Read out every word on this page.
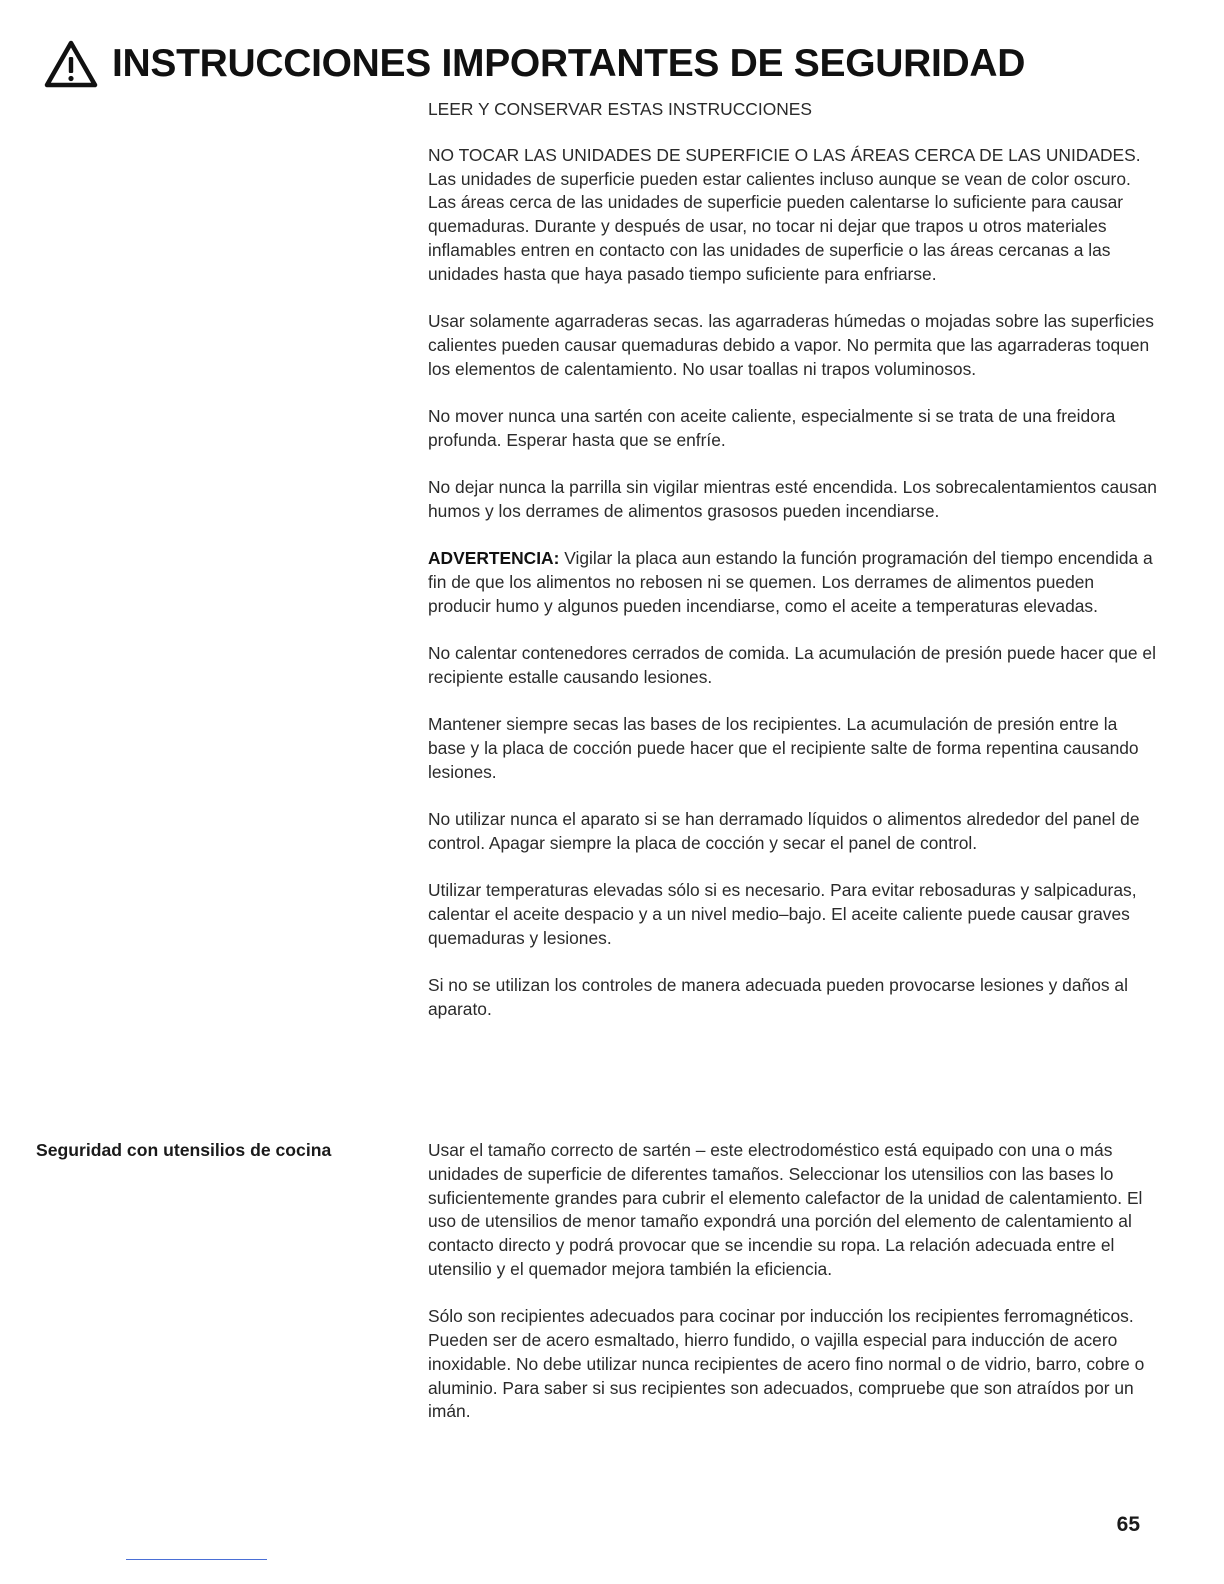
INSTRUCCIONES IMPORTANTES DE SEGURIDAD

LEER Y CONSERVAR ESTAS INSTRUCCIONES

NO TOCAR LAS UNIDADES DE SUPERFICIE O LAS ÁREAS CERCA DE LAS UNIDADES. Las unidades de superficie pueden estar calientes incluso aunque se vean de color oscuro. Las áreas cerca de las unidades de superficie pueden calentarse lo suficiente para causar quemaduras. Durante y después de usar, no tocar ni dejar que trapos u otros materiales inflamables entren en contacto con las unidades de superficie o las áreas cercanas a las unidades hasta que haya pasado tiempo suficiente para enfriarse.

Usar solamente agarraderas secas. las agarraderas húmedas o mojadas sobre las superficies calientes pueden causar quemaduras debido a vapor. No permita que las agarraderas toquen los elementos de calentamiento. No usar toallas ni trapos voluminosos.

No mover nunca una sartén con aceite caliente, especialmente si se trata de una freidora profunda. Esperar hasta que se enfríe.

No dejar nunca la parrilla sin vigilar mientras esté encendida. Los sobrecalentamientos causan humos y los derrames de alimentos grasosos pueden incendiarse.

ADVERTENCIA: Vigilar la placa aun estando la función programación del tiempo encendida a fin de que los alimentos no rebosen ni se quemen. Los derrames de alimentos pueden producir humo y algunos pueden incendiarse, como el aceite a temperaturas elevadas.

No calentar contenedores cerrados de comida. La acumulación de presión puede hacer que el recipiente estalle causando lesiones.

Mantener siempre secas las bases de los recipientes. La acumulación de presión entre la base y la placa de cocción puede hacer que el recipiente salte de forma repentina causando lesiones.

No utilizar nunca el aparato si se han derramado líquidos o alimentos alrededor del panel de control. Apagar siempre la placa de cocción y secar el panel de control.

Utilizar temperaturas elevadas sólo si es necesario. Para evitar rebosaduras y salpicaduras, calentar el aceite despacio y a un nivel medio–bajo. El aceite caliente puede causar graves quemaduras y lesiones.

Si no se utilizan los controles de manera adecuada pueden provocarse lesiones y daños al aparato.

Seguridad con utensilios de cocina	Usar el tamaño correcto de sartén – este electrodoméstico está equipado con una o más unidades de superficie de diferentes tamaños. Seleccionar los utensilios con las bases lo suficientemente grandes para cubrir el elemento calefactor de la unidad de calentamiento. El uso de utensilios de menor tamaño expondrá una porción del elemento de calentamiento al contacto directo y podrá provocar que se incendie su ropa. La relación adecuada entre el utensilio y el quemador mejora también la eficiencia.

Sólo son recipientes adecuados para cocinar por inducción los recipientes ferromagnéticos. Pueden ser de acero esmaltado, hierro fundido, o vajilla especial para inducción de acero inoxidable. No debe utilizar nunca recipientes de acero fino normal o de vidrio, barro, cobre o aluminio. Para saber si sus recipientes son adecuados, compruebe que son atraídos por un imán.

65
